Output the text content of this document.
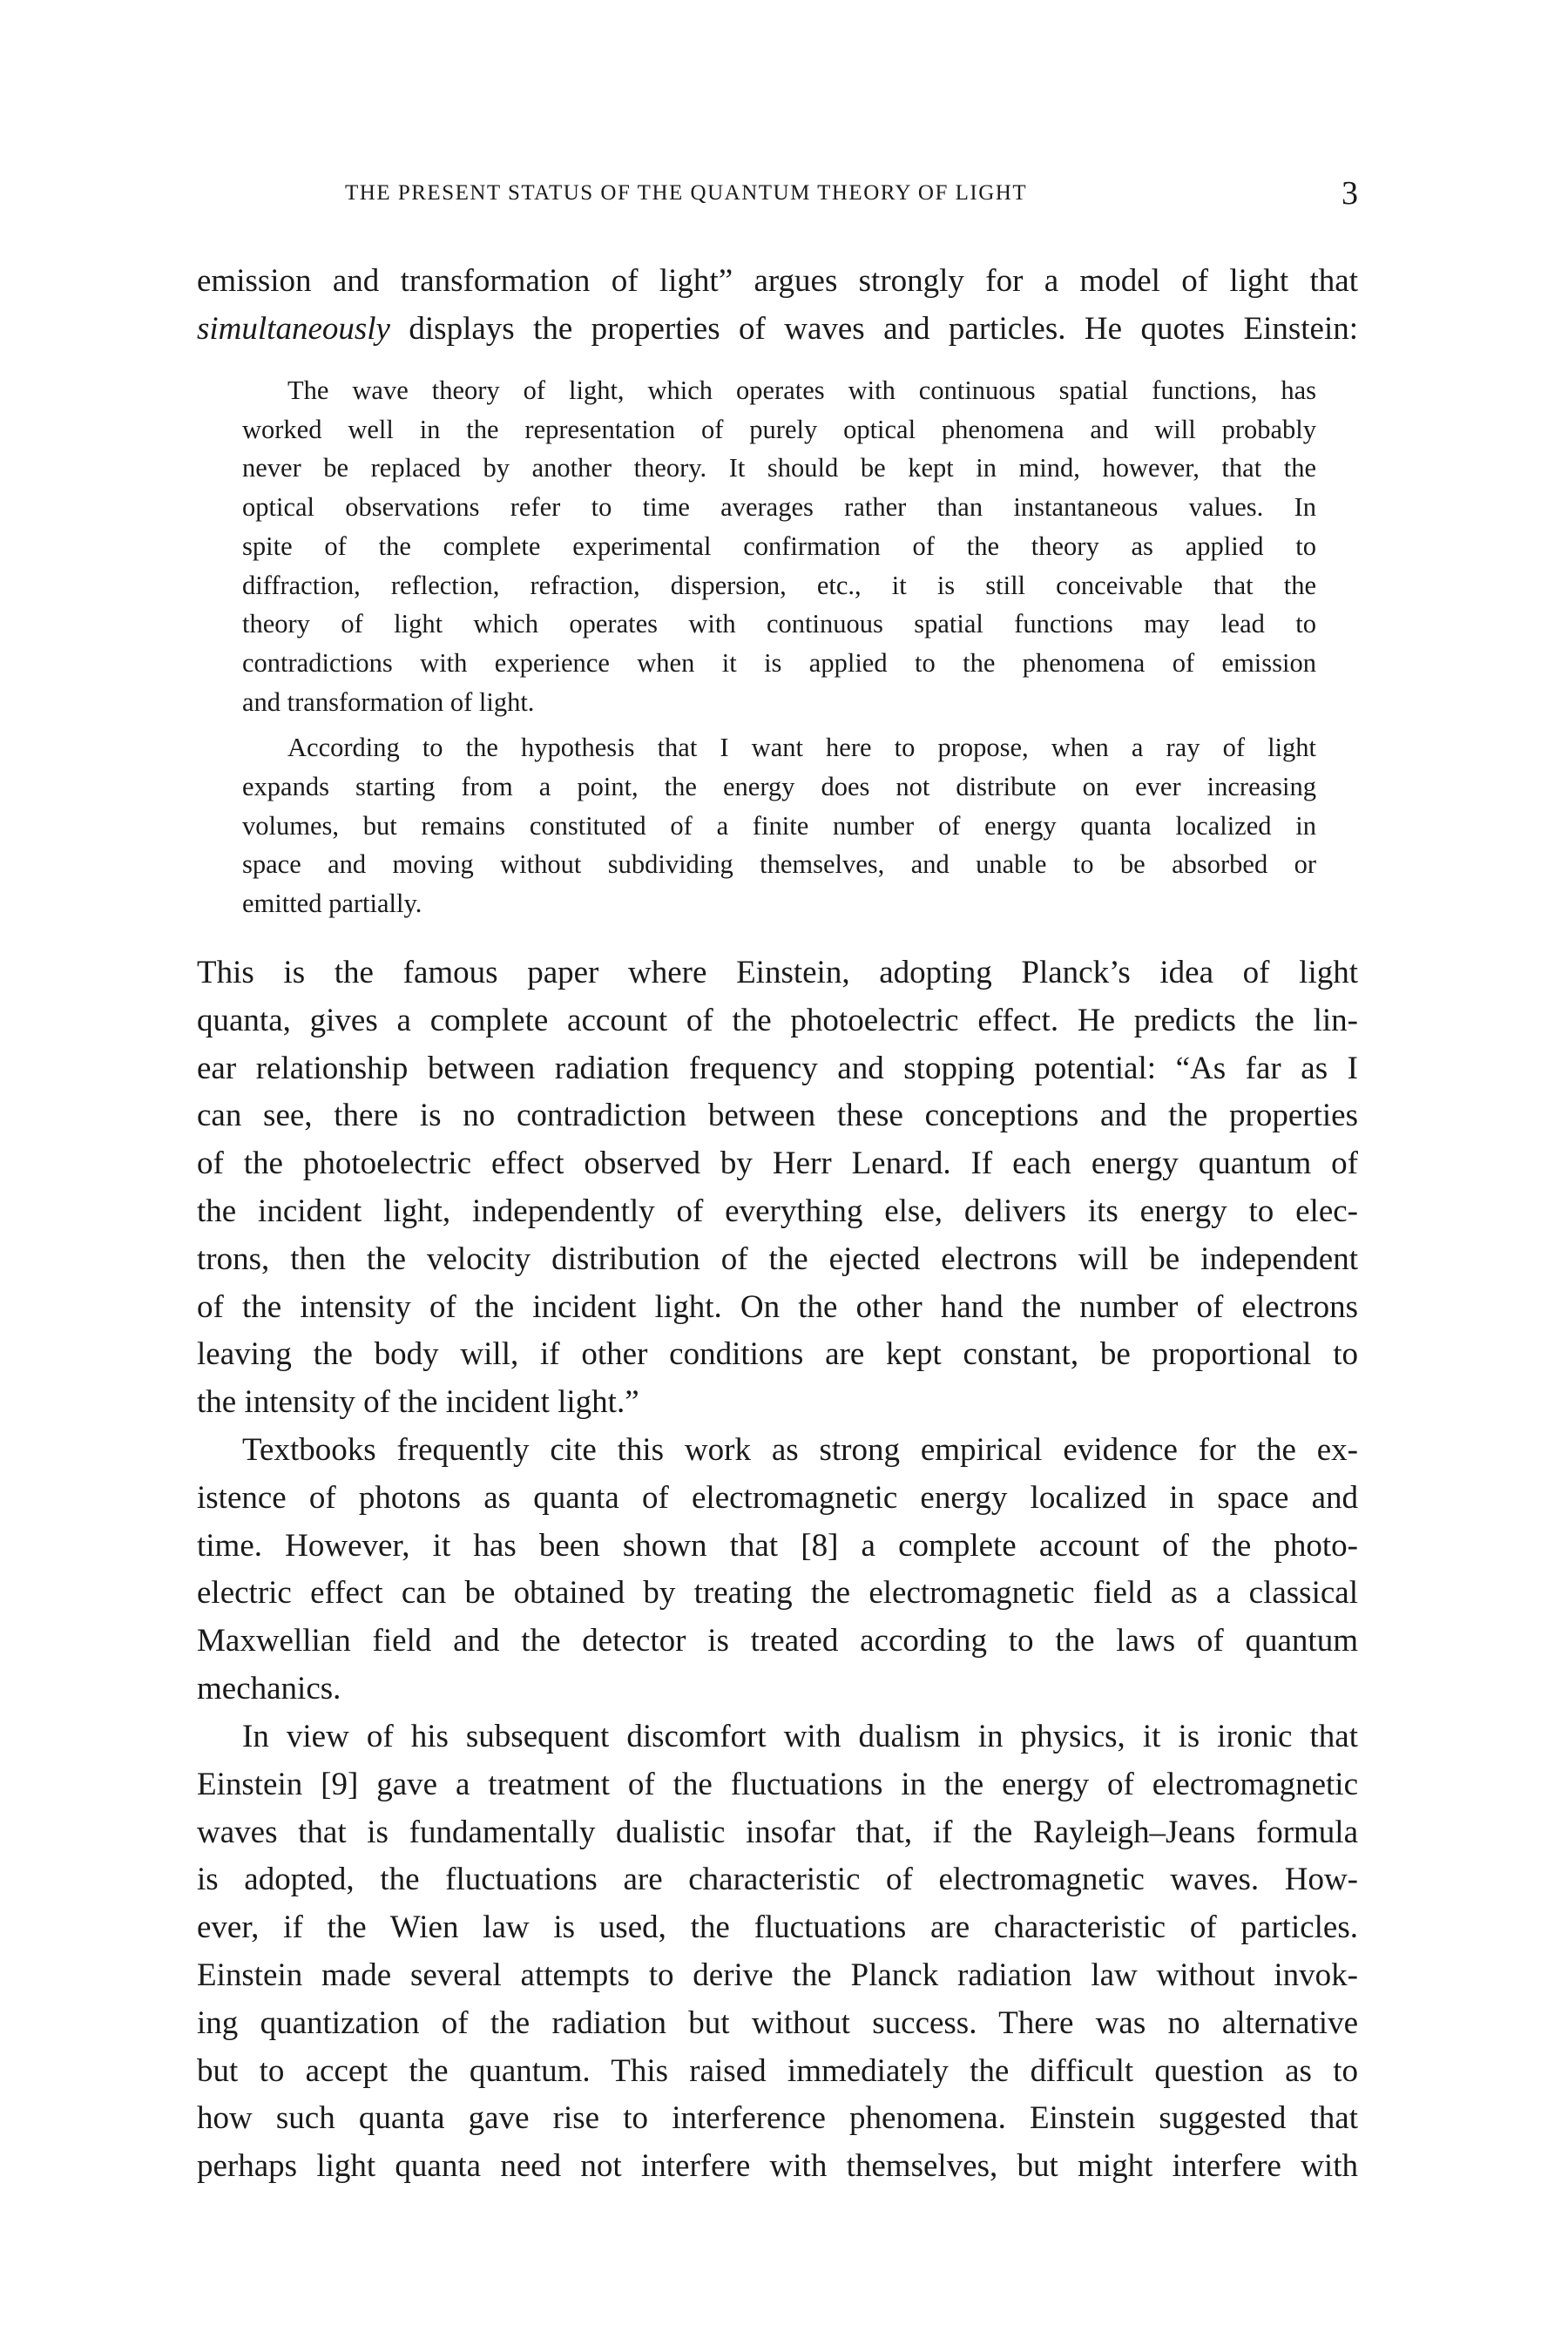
THE PRESENT STATUS OF THE QUANTUM THEORY OF LIGHT	3
emission and transformation of light” argues strongly for a model of light that
simultaneously displays the properties of waves and particles. He quotes Einstein:
The wave theory of light, which operates with continuous spatial functions, has
worked well in the representation of purely optical phenomena and will probably
never be replaced by another theory. It should be kept in mind, however, that the
optical observations refer to time averages rather than instantaneous values. In
spite of the complete experimental confirmation of the theory as applied to
diffraction, reflection, refraction, dispersion, etc., it is still conceivable that the
theory of light which operates with continuous spatial functions may lead to
contradictions with experience when it is applied to the phenomena of emission
and transformation of light.
According to the hypothesis that I want here to propose, when a ray of light
expands starting from a point, the energy does not distribute on ever increasing
volumes, but remains constituted of a finite number of energy quanta localized in
space and moving without subdividing themselves, and unable to be absorbed or
emitted partially.
This is the famous paper where Einstein, adopting Planck’s idea of light
quanta, gives a complete account of the photoelectric effect. He predicts the lin-
ear relationship between radiation frequency and stopping potential: “As far as I
can see, there is no contradiction between these conceptions and the properties
of the photoelectric effect observed by Herr Lenard. If each energy quantum of
the incident light, independently of everything else, delivers its energy to elec-
trons, then the velocity distribution of the ejected electrons will be independent
of the intensity of the incident light. On the other hand the number of electrons
leaving the body will, if other conditions are kept constant, be proportional to
the intensity of the incident light.”
Textbooks frequently cite this work as strong empirical evidence for the ex-
istence of photons as quanta of electromagnetic energy localized in space and
time. However, it has been shown that [8] a complete account of the photo-
electric effect can be obtained by treating the electromagnetic field as a classical
Maxwellian field and the detector is treated according to the laws of quantum
mechanics.
In view of his subsequent discomfort with dualism in physics, it is ironic that
Einstein [9] gave a treatment of the fluctuations in the energy of electromagnetic
waves that is fundamentally dualistic insofar that, if the Rayleigh–Jeans formula
is adopted, the fluctuations are characteristic of electromagnetic waves. How-
ever, if the Wien law is used, the fluctuations are characteristic of particles.
Einstein made several attempts to derive the Planck radiation law without invok-
ing quantization of the radiation but without success. There was no alternative
but to accept the quantum. This raised immediately the difficult question as to
how such quanta gave rise to interference phenomena. Einstein suggested that
perhaps light quanta need not interfere with themselves, but might interfere with
